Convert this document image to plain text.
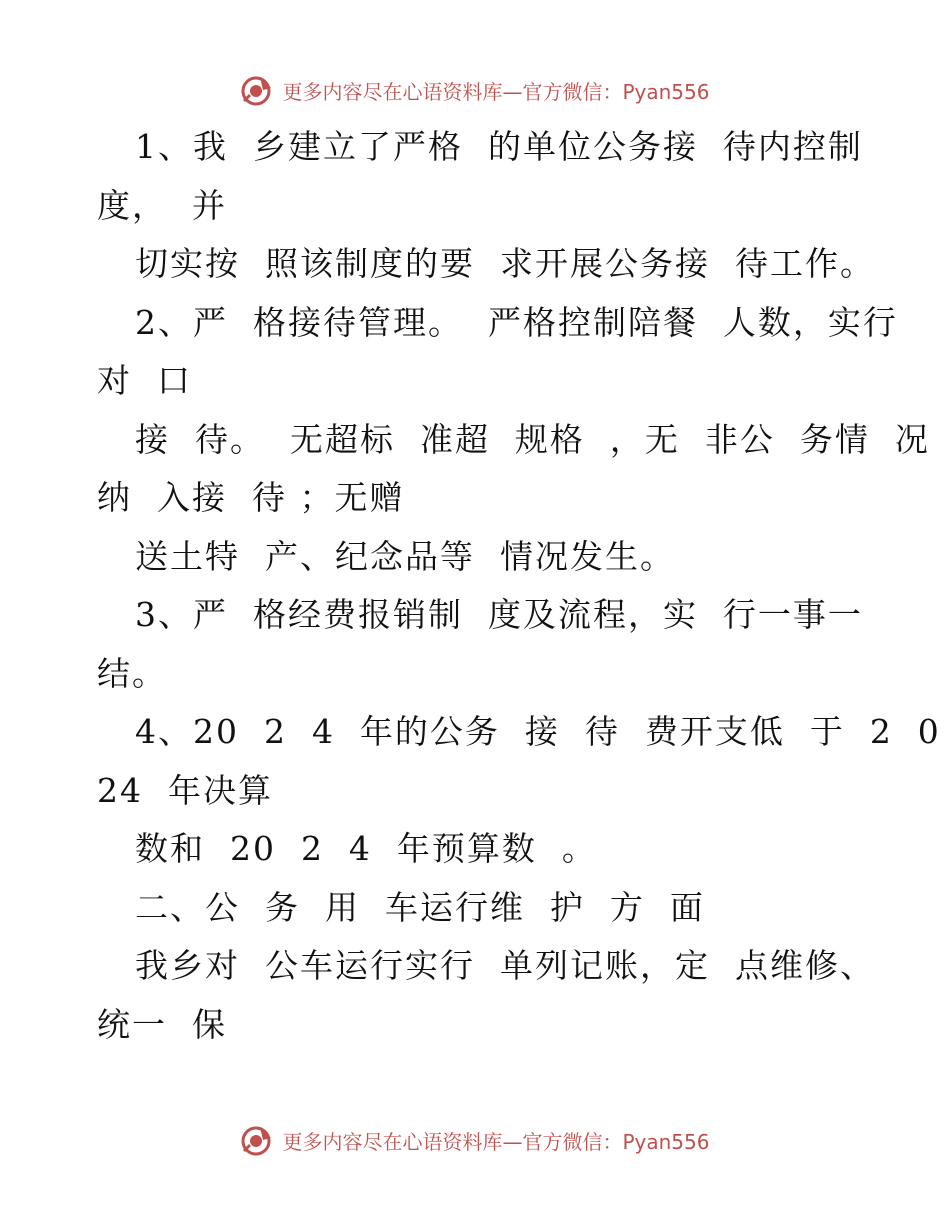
更多内容尽在心语资料库—官方微信：Pyan556
1、我  乡建立了严格  的单位公务接  待内控制
度，  并
切实按  照该制度的要  求开展公务接  待工作。
2、严  格接待管理。  严格控制陪餐  人数，实行
对  口
接  待。  无超标  准超  规格  ，无  非公  务情  况
纳  入接  待 ；无赠
送土特  产、纪念品等  情况发生。
3、严  格经费报销制  度及流程，实  行一事一
结。
4、20  2  4  年的公务  接  待  费开支低  于  2  0
24  年决算
数和  20  2  4  年预算数  。
二、公  务  用  车运行维  护  方  面
我乡对  公车运行实行  单列记账，定  点维修、
统一  保
更多内容尽在心语资料库—官方微信：Pyan556
